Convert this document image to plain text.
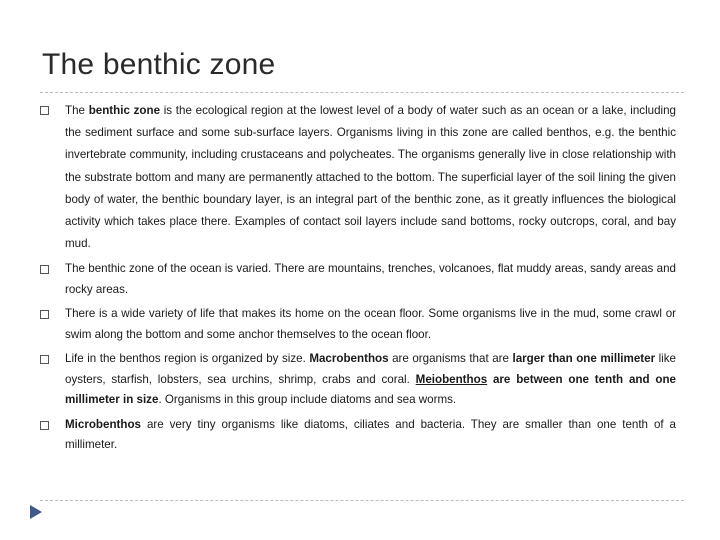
The benthic zone
The benthic zone is the ecological region at the lowest level of a body of water such as an ocean or a lake, including the sediment surface and some sub-surface layers. Organisms living in this zone are called benthos, e.g. the benthic invertebrate community, including crustaceans and polycheates. The organisms generally live in close relationship with the substrate bottom and many are permanently attached to the bottom. The superficial layer of the soil lining the given body of water, the benthic boundary layer, is an integral part of the benthic zone, as it greatly influences the biological activity which takes place there. Examples of contact soil layers include sand bottoms, rocky outcrops, coral, and bay mud.
The benthic zone of the ocean is varied. There are mountains, trenches, volcanoes, flat muddy areas, sandy areas and rocky areas.
There is a wide variety of life that makes its home on the ocean floor. Some organisms live in the mud, some crawl or swim along the bottom and some anchor themselves to the ocean floor.
Life in the benthos region is organized by size. Macrobenthos are organisms that are larger than one millimeter like oysters, starfish, lobsters, sea urchins, shrimp, crabs and coral. Meiobenthos are between one tenth and one millimeter in size. Organisms in this group include diatoms and sea worms.
Microbenthos are very tiny organisms like diatoms, ciliates and bacteria. They are smaller than one tenth of a millimeter.
